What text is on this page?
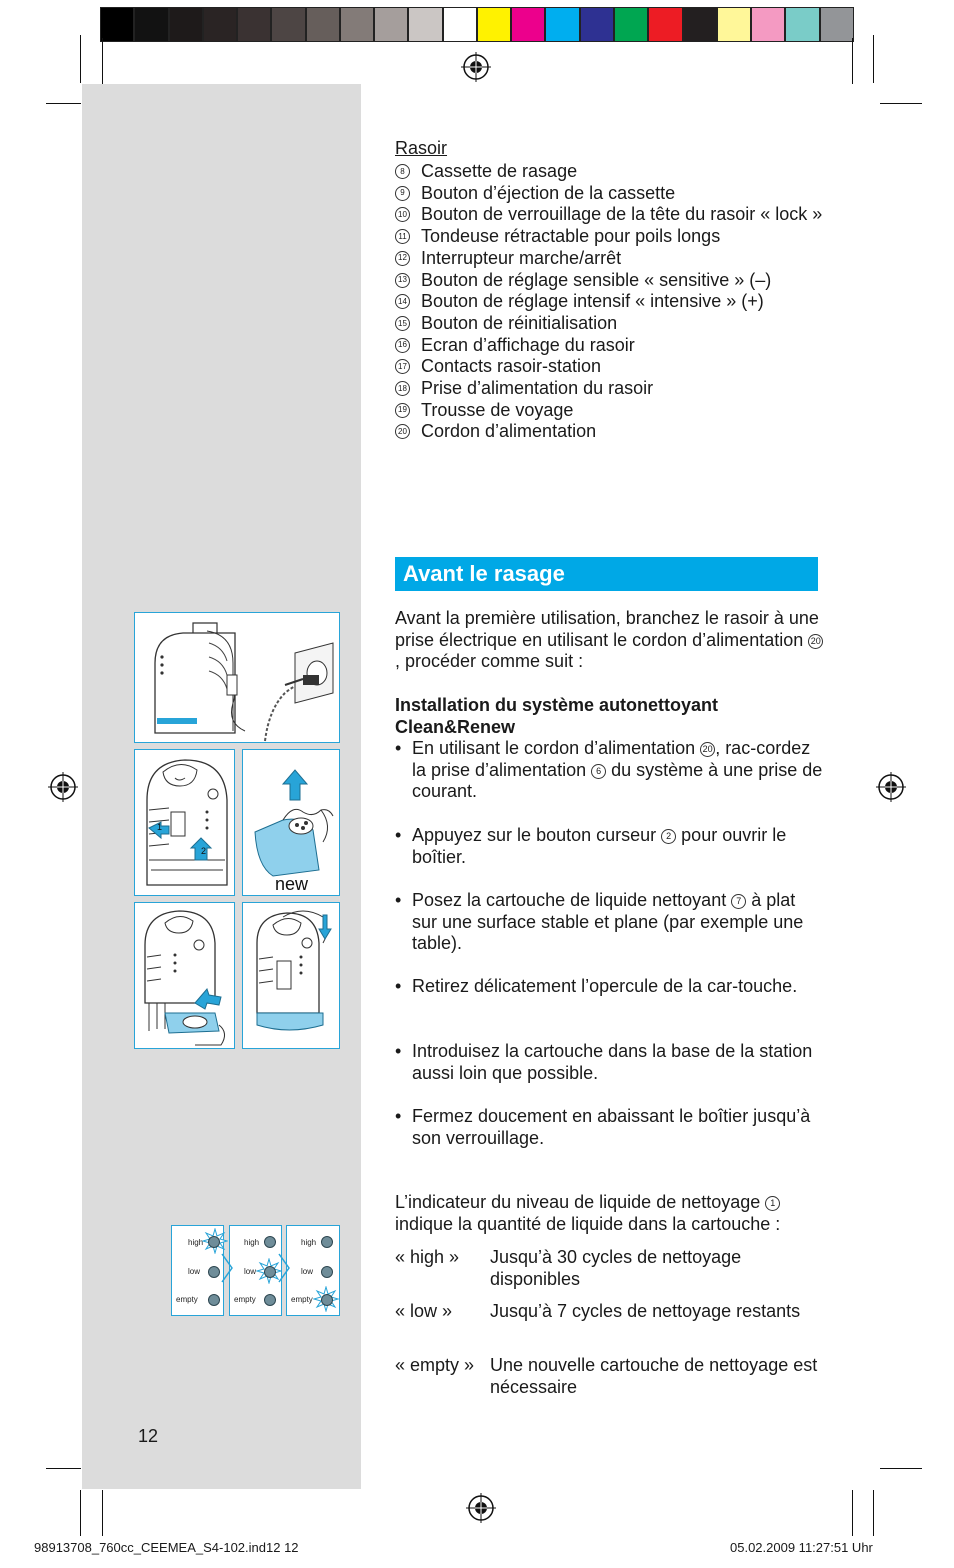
1
2
new
high
low
empty
high
low
empty
high
low
empty
Rasoir
8 Cassette de rasage
9 Bouton d’éjection de la cassette
10 Bouton de verrouillage de la tête du rasoir « lock »
11 Tondeuse rétractable pour poils longs
12 Interrupteur marche/arrêt
13 Bouton de réglage sensible « sensitive » (–)
14 Bouton de réglage intensif « intensive » (+)
15 Bouton de réinitialisation
16 Ecran d’affichage du rasoir
17 Contacts rasoir-station
18 Prise d’alimentation du rasoir
19 Trousse de voyage
20 Cordon d’alimentation
Avant le rasage
Avant la première utilisation, branchez le rasoir à une prise électrique en utilisant le cordon d’alimentation 20, procéder comme suit :
Installation du système autonettoyant Clean&Renew
• En utilisant le cordon d’alimentation 20 , rac-cordez la prise d’alimentation 6 du système à une prise de courant.
• Appuyez sur le bouton curseur 2 pour ouvrir le boîtier.
• Posez la cartouche de liquide nettoyant 7 à plat sur une surface stable et plane (par exemple une table).
• Retirez délicatement l’opercule de la car-touche.
• Introduisez la cartouche dans la base de la station aussi loin que possible.
• Fermez doucement en abaissant le boîtier jusqu’à son verrouillage.
L’indicateur du niveau de liquide de nettoyage 1 indique la quantité de liquide dans la cartouche :
« high » Jusqu’à 30 cycles de nettoyage disponibles
« low » Jusqu’à 7 cycles de nettoyage restants
« empty » Une nouvelle cartouche de nettoyage est nécessaire
12
98913708_760cc_CEEMEA_S4-102.ind12 12	05.02.2009 11:27:51 Uhr
